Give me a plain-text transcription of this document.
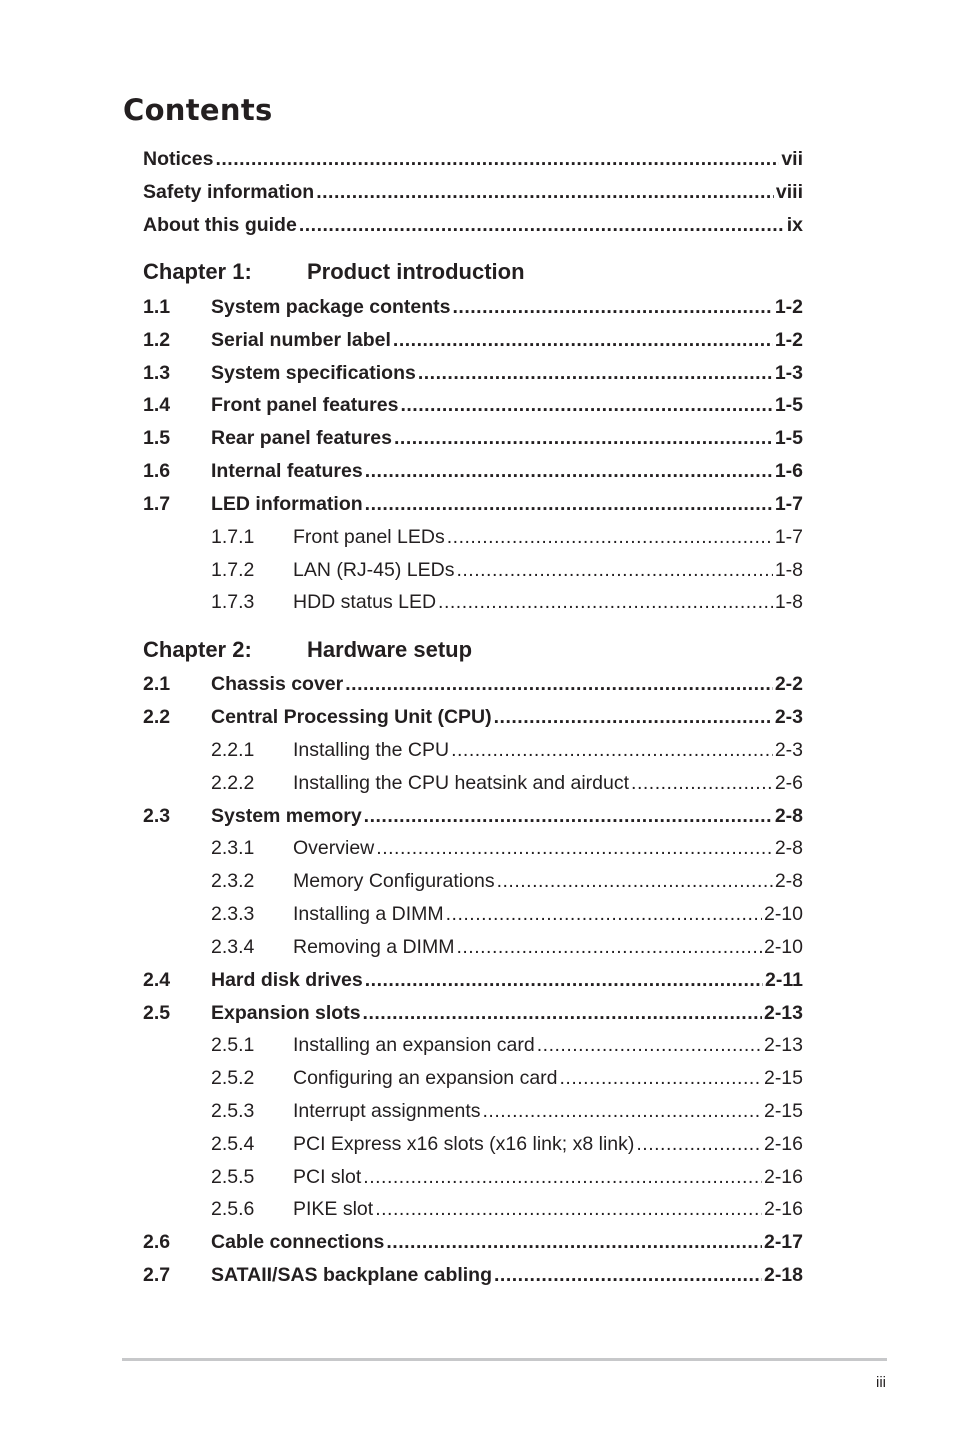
Contents
Notices .....	vii
Safety information .....	viii
About this guide .....	ix
Chapter 1:	Product introduction
1.1	System package contents .....	1-2
1.2	Serial number label .....	1-2
1.3	System specifications .....	1-3
1.4	Front panel features .....	1-5
1.5	Rear panel features .....	1-5
1.6	Internal features .....	1-6
1.7	LED information .....	1-7
1.7.1	Front panel LEDs .....	1-7
1.7.2	LAN (RJ-45) LEDs .....	1-8
1.7.3	HDD status LED .....	1-8
Chapter 2:	Hardware setup
2.1	Chassis cover .....	2-2
2.2	Central Processing Unit (CPU) .....	2-3
2.2.1	Installing the CPU .....	2-3
2.2.2	Installing the CPU heatsink and airduct .....	2-6
2.3	System memory .....	2-8
2.3.1	Overview .....	2-8
2.3.2	Memory Configurations .....	2-8
2.3.3	Installing a DIMM .....	2-10
2.3.4	Removing a DIMM .....	2-10
2.4	Hard disk drives .....	2-11
2.5	Expansion slots .....	2-13
2.5.1	Installing an expansion card .....	2-13
2.5.2	Configuring an expansion card .....	2-15
2.5.3	Interrupt assignments .....	2-15
2.5.4	PCI Express x16 slots (x16 link; x8 link) .....	2-16
2.5.5	PCI slot .....	2-16
2.5.6	PIKE slot .....	2-16
2.6	Cable connections .....	2-17
2.7	SATAII/SAS backplane cabling .....	2-18
iii
